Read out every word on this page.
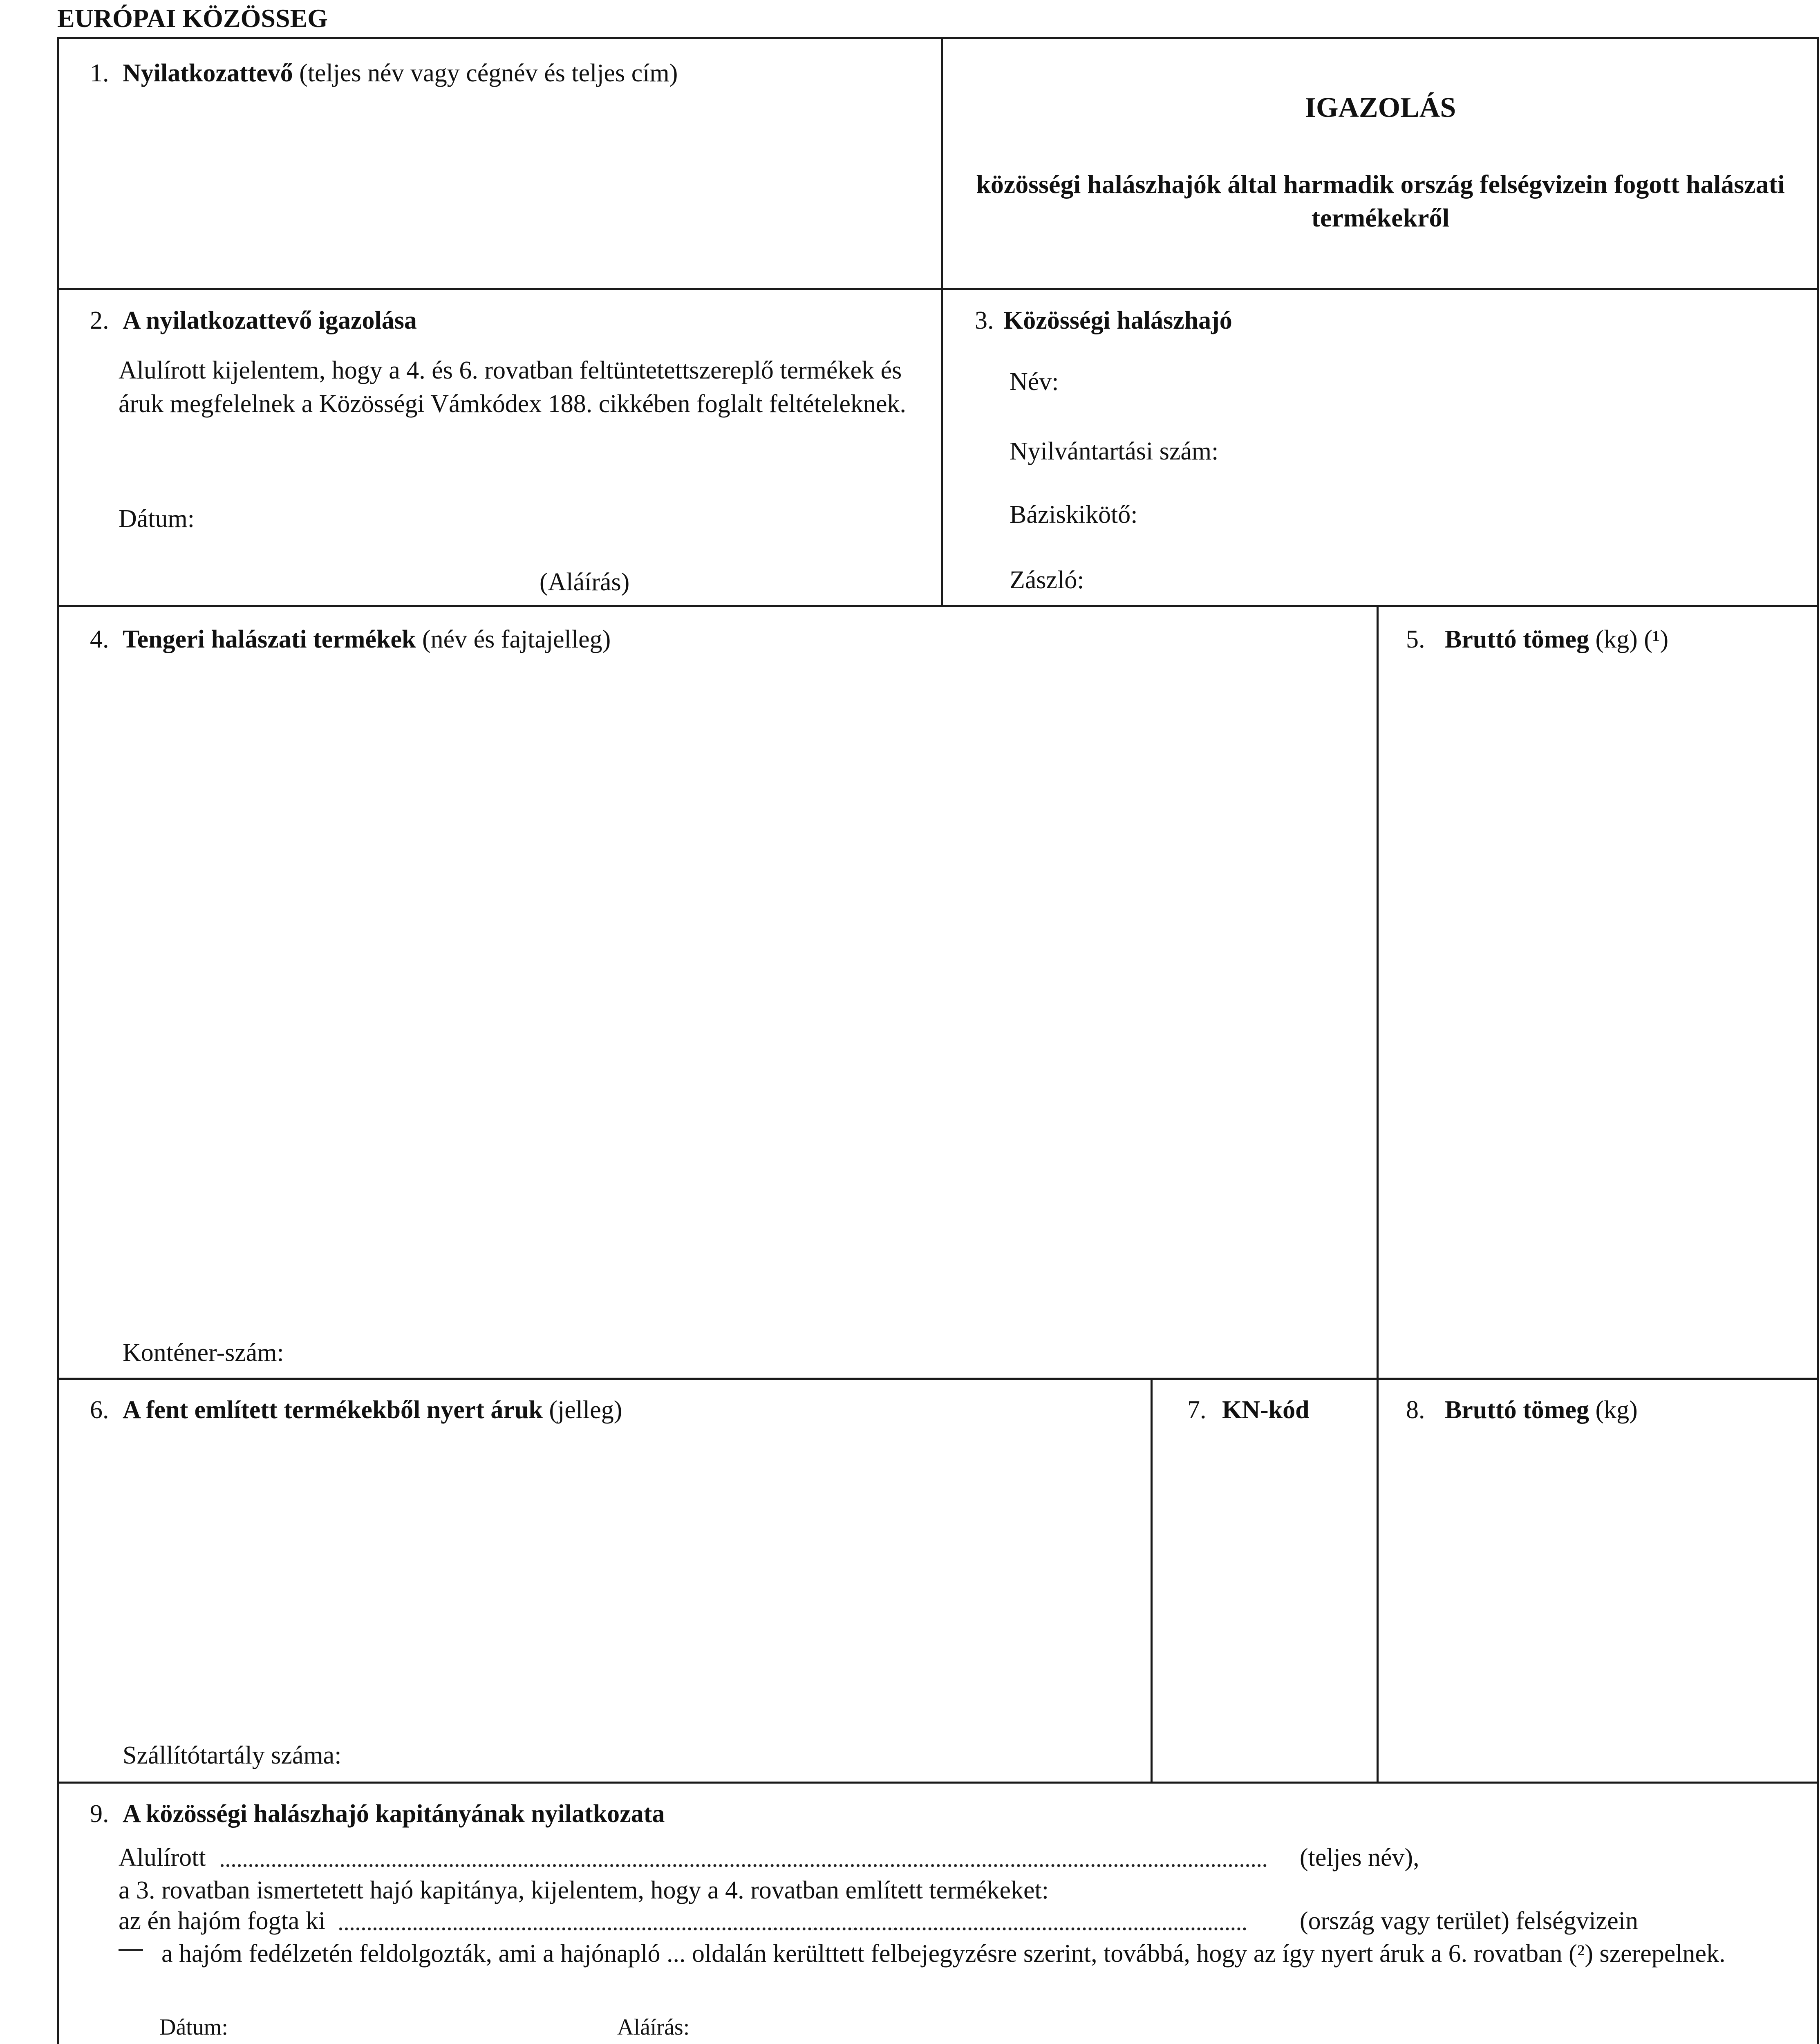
EURÓPAI KÖZÖSSEG
1. Nyilatkozattevő (teljes név vagy cégnév és teljes cím)
IGAZOLÁS
közösségi halászhajók által harmadik ország felségvizein fogott halászati termékekről
2. A nyilatkozattevő igazolása
Alulírott kijelentem, hogy a 4. és 6. rovatban feltüntetettszereplő termékek és áruk megfelelnek a Közösségi Vámkódex 188. cikkében foglalt feltételeknek.
Dátum:
(Aláírás)
3. Közösségi halászhajó
Név:
Nyilvántartási szám:
Báziskikötő:
Zászló:
4. Tengeri halászati termékek (név és fajtajelleg)
Konténer-szám:
5. Bruttó tömeg (kg) (¹)
6. A fent említett termékekből nyert áruk (jelleg)
Szállítótartály száma:
7. KN-kód	8. Bruttó tömeg (kg)
9. A közösségi halászhajó kapitányának nyilatkozata
Alulírott	(teljes név),
a 3. rovatban ismertetett hajó kapitánya, kijelentem, hogy a 4. rovatban említett termékeket:
az én hajóm fogta ki	(ország vagy terület) felségvizein
a hajóm fedélzetén feldolgozták, ami a hajónapló ... oldalán kerülttett felbejegyzésre szerint, továbbá, hogy az így nyert áruk a 6. rovatban (²) szerepelnek.
Dátum:	Aláírás:
